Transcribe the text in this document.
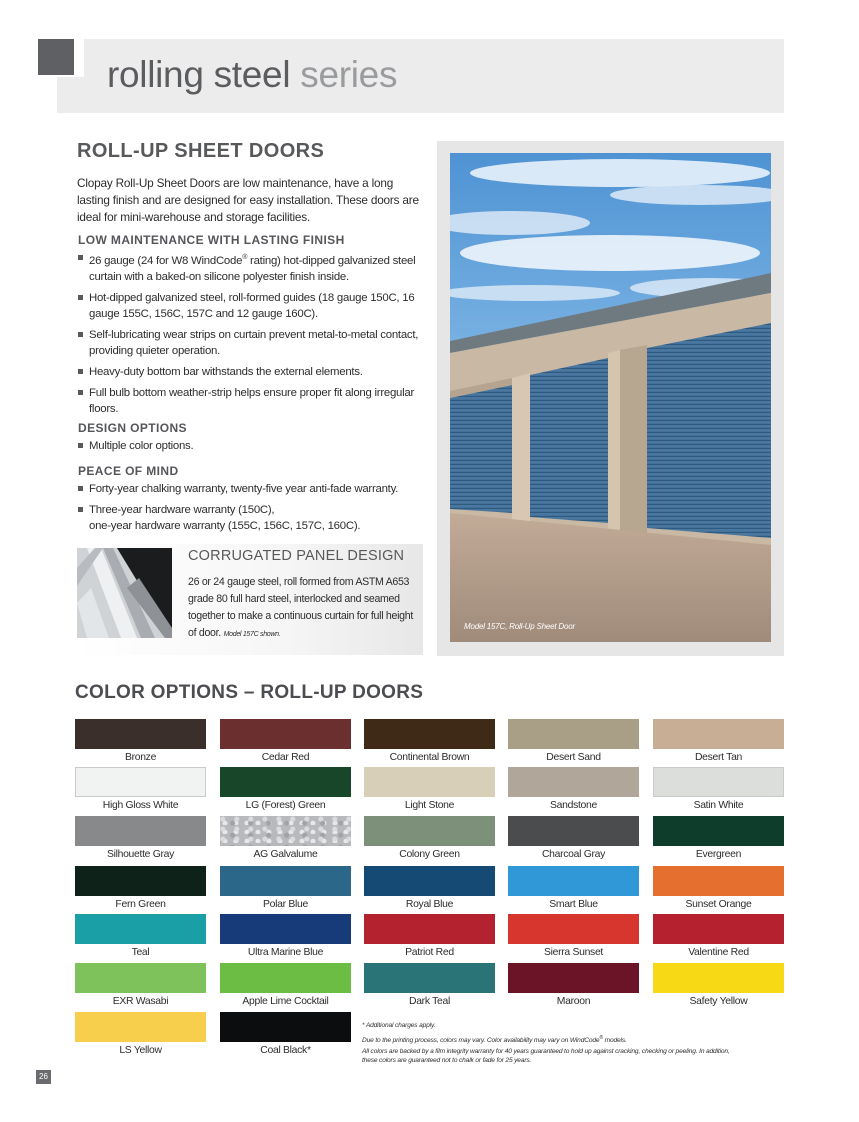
rolling steel series
ROLL-UP SHEET DOORS
Clopay Roll-Up Sheet Doors are low maintenance, have a long lasting finish and are designed for easy installation. These doors are ideal for mini-warehouse and storage facilities.
LOW MAINTENANCE WITH LASTING FINISH
26 gauge (24 for W8 WindCode® rating) hot-dipped galvanized steel curtain with a baked-on silicone polyester finish inside.
Hot-dipped galvanized steel, roll-formed guides (18 gauge 150C, 16 gauge 155C, 156C, 157C and 12 gauge 160C).
Self-lubricating wear strips on curtain prevent metal-to-metal contact, providing quieter operation.
Heavy-duty bottom bar withstands the external elements.
Full bulb bottom weather-strip helps ensure proper fit along irregular floors.
DESIGN OPTIONS
Multiple color options.
PEACE OF MIND
Forty-year chalking warranty, twenty-five year anti-fade warranty.
Three-year hardware warranty (150C),
one-year hardware warranty (155C, 156C, 157C, 160C).
CORRUGATED PANEL DESIGN
26 or 24 gauge steel, roll formed from ASTM A653 grade 80 full hard steel, interlocked and seamed together to make a continuous curtain for full height of door. Model 157C shown.
Model 157C, Roll-Up Sheet Door
COLOR OPTIONS – ROLL-UP DOORS
Bronze	Cedar Red	Continental Brown	Desert Sand	Desert Tan
High Gloss White	LG (Forest) Green	Light Stone	Sandstone	Satin White
Silhouette Gray	AG Galvalume	Colony Green	Charcoal Gray	Evergreen
Fern Green	Polar Blue	Royal Blue	Smart Blue	Sunset Orange
Teal	Ultra Marine Blue	Patriot Red	Sierra Sunset	Valentine Red
EXR Wasabi	Apple Lime Cocktail	Dark Teal	Maroon	Safety Yellow
LS Yellow	Coal Black*
* Additional charges apply.
Due to the printing process, colors may vary. Color availability may vary on WindCode® models.
All colors are backed by a film integrity warranty for 40 years guaranteed to hold up against cracking, checking or peeling. In addition, these colors are guaranteed not to chalk or fade for 25 years.
26
